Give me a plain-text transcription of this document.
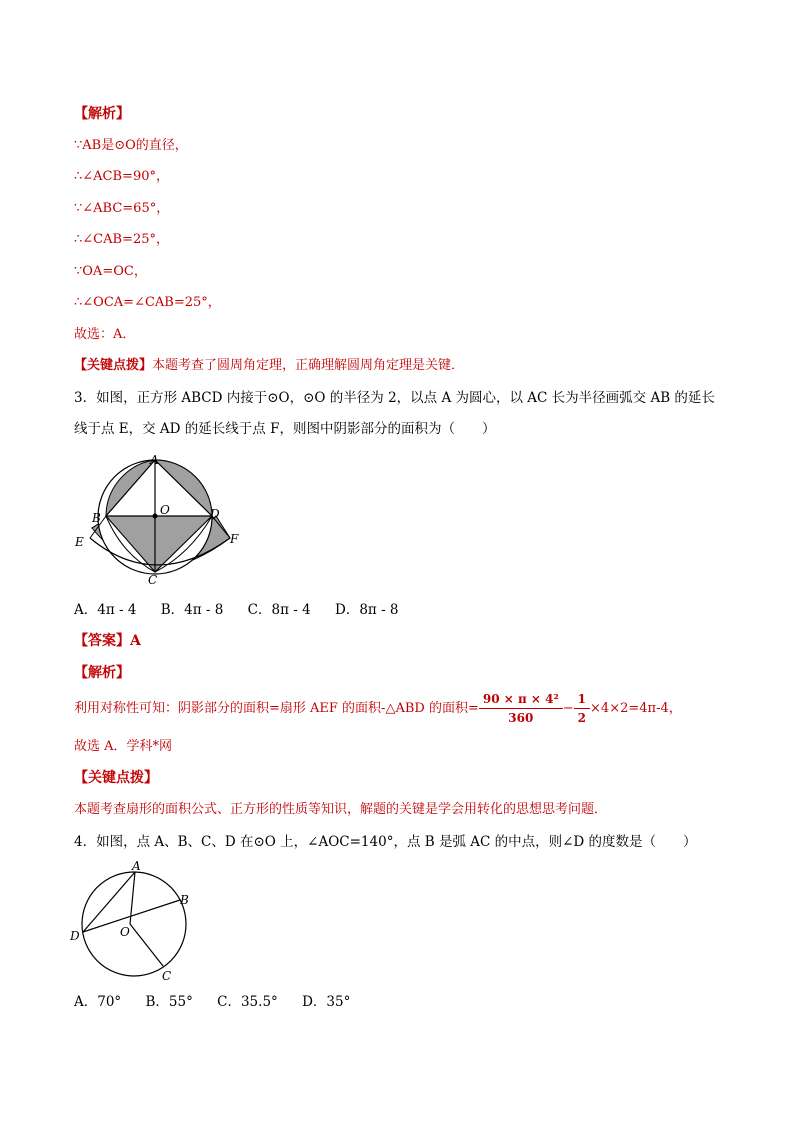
【解析】
∵AB是⊙O的直径，
∴∠ACB=90°，
∵∠ABC=65°，
∴∠CAB=25°，
∵OA=OC，
∴∠OCA=∠CAB=25°，
故选：A．
【关键点拨】本题考查了圆周角定理，正确理解圆周角定理是关键．
3．如图，正方形 ABCD 内接于⊙O，⊙O 的半径为 2，以点 A 为圆心，以 AC 长为半径画弧交 AB 的延长
线于点 E，交 AD 的延长线于点 F，则图中阴影部分的面积为（　　）
A
B	D
O
C
E	F
A．4π - 4 B．4π - 8 C．8π - 4 D．8π - 8
【答案】A
【解析】
利用对称性可知：阴影部分的面积=扇形 AEF 的面积-△ABD 的面积= $\frac{\text{90 × π × 4²}}{360} - \frac{1}{2} \times 4\times 2=4\pi-4$，
故选 A．学科*网
【关键点拨】
本题考查扇形的面积公式、正方形的性质等知识，解题的关键是学会用转化的思想思考问题．
4．如图，点 A、B、C、D 在⊙O 上，∠AOC=140°，点 B 是弧 AC 的中点，则∠D 的度数是（　　）
A
B
D	O
C
A．70° B．55° C．35.5° D．35°
